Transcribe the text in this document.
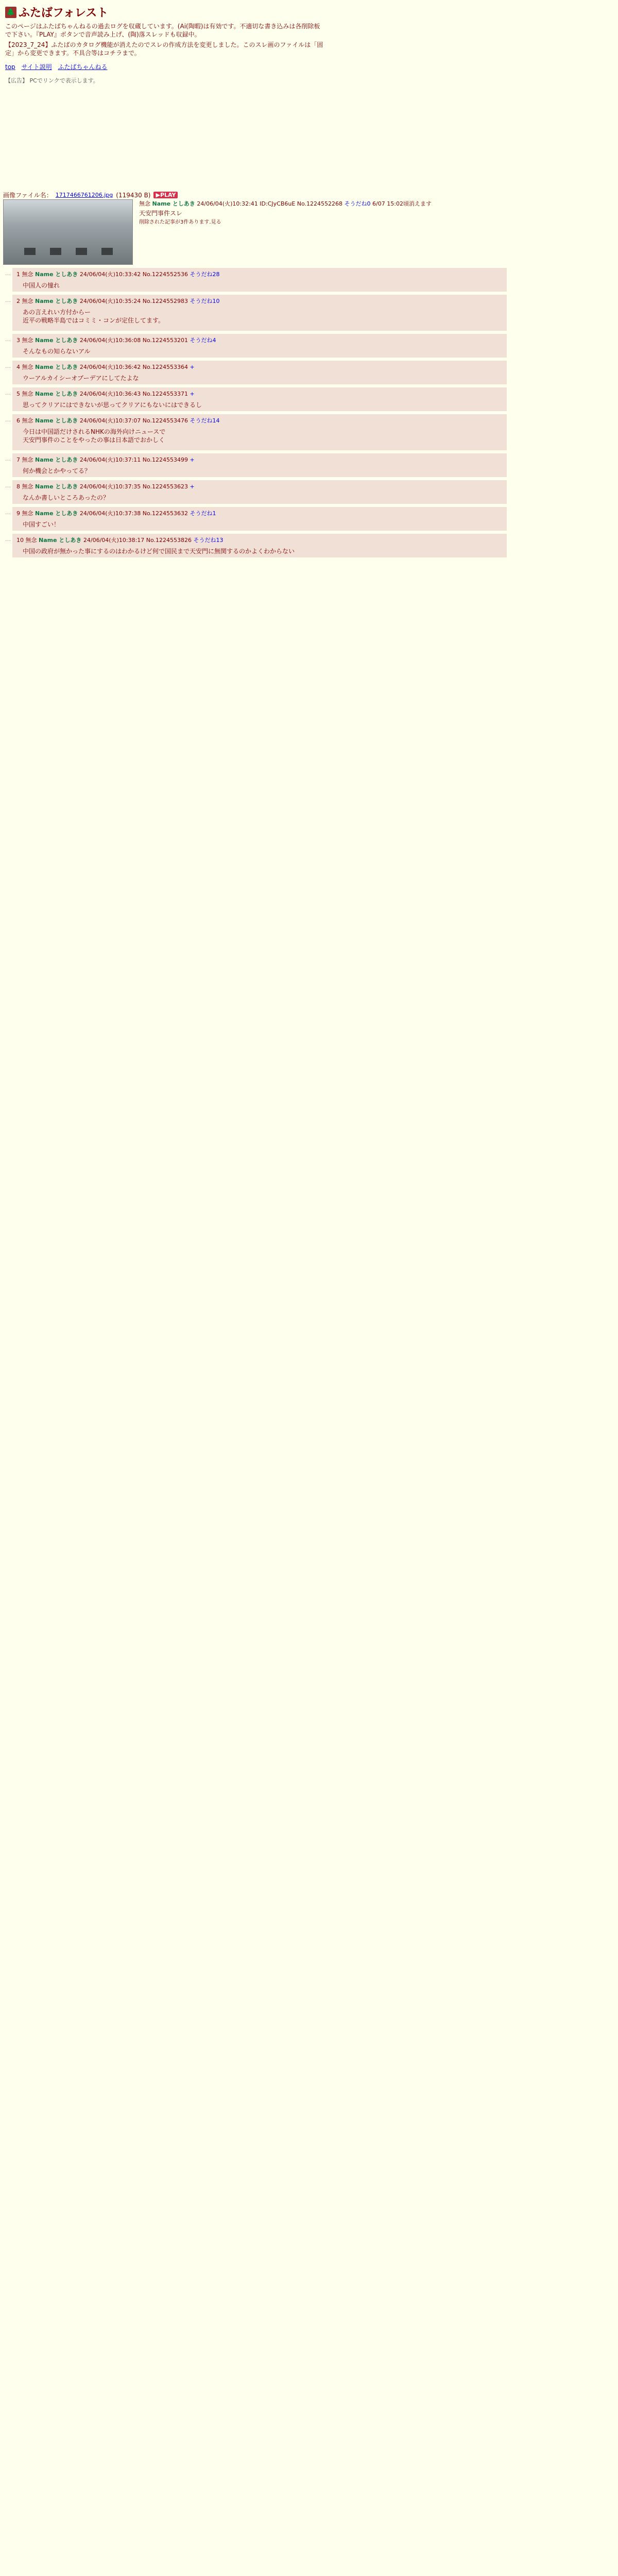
🌲 ふたばフォレスト

このページはふたばちゃんねるの過去ログを収蔵しています。(Ai(陶暇)は有効です。不適切な書き込みは各削除板で下さい。『PLAY』ボタンで音声読み上げ、(陶)落スレッドも収録中。

【2023_7_24】ふたばのカタログ機能が消えたのでスレの作成方法を変更しました。このスレ画のファイルは「固定」から変更できます。不具合等はコチラまで。

top サイト説明 ふたばちゃんねる
【広告】 PCでリンクで表示します。
画像ファイル名： 1717466761206.jpg (119430 B) ▶PLAY
無念 Name としあき 24/06/04(火)10:32:41 ID:CJyCB6uE No.1224552268 そうだね0 6/07 15:02頃消えます
天安門事件スレ
削除された記事が3件あります.見る
… 1 無念 Name としあき 24/06/04(火)10:33:42 No.1224552536 そうだね28
中国人の憧れ
… 2 無念 Name としあき 24/06/04(火)10:35:24 No.1224552983 そうだね10
あの言えれい方付からー
近平の戦略半島ではコミミ・コンが定住してます。
… 3 無念 Name としあき 24/06/04(火)10:36:08 No.1224553201 そうだね4
そんなもの知らないアル
… 4 無念 Name としあき 24/06/04(火)10:36:42 No.1224553364 +
ウーアルカイシーオブーデアにしてたよな
… 5 無念 Name としあき 24/06/04(火)10:36:43 No.1224553371 +
思ってクリアにはできないが思ってクリアにもないにはできるし
… 6 無念 Name としあき 24/06/04(火)10:37:07 No.1224553476 そうだね14
今日は中国語だけされるNHKの海外向けニュースで
天安門事件のことをやったの事は日本語でおかしく
… 7 無念 Name としあき 24/06/04(火)10:37:11 No.1224553499 +
何か機会とかやってる？
… 8 無念 Name としあき 24/06/04(火)10:37:35 No.1224553623 +
なんか書しいところあったの？
… 9 無念 Name としあき 24/06/04(火)10:37:38 No.1224553632 そうだね1
中国すごい！
… 10 無念 Name としあき 24/06/04(火)10:38:17 No.1224553826 そうだね13
中国の政府が無かった事にするのはわかるけど何で国民まで天安門に無関するのかよくわからない
